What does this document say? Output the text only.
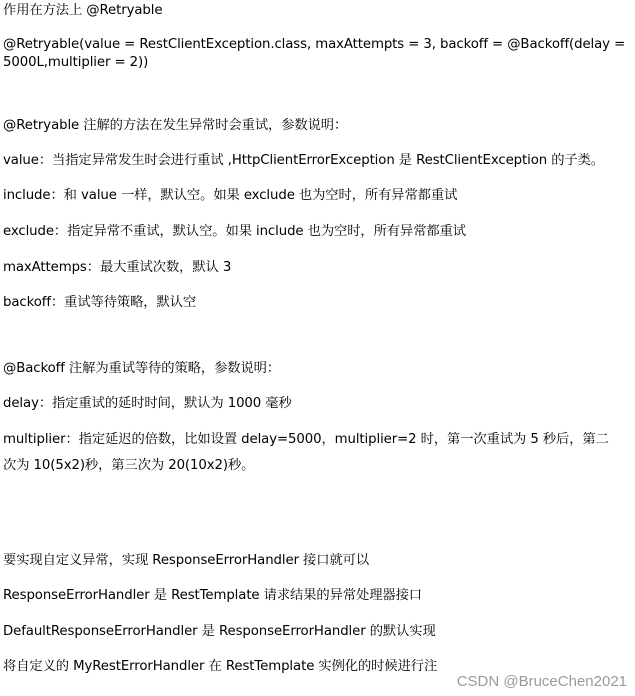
作用在方法上 @Retryable
@Retryable(value = RestClientException.class, maxAttempts = 3, backoff = @Backoff(delay =
5000L,multiplier = 2))
@Retryable 注解的方法在发生异常时会重试，参数说明：
value：当指定异常发生时会进行重试 ,HttpClientErrorException 是 RestClientException 的子类。
include：和 value 一样，默认空。如果 exclude 也为空时，所有异常都重试
exclude：指定异常不重试，默认空。如果 include 也为空时，所有异常都重试
maxAttemps：最大重试次数，默认 3
backoff：重试等待策略，默认空
@Backoff 注解为重试等待的策略，参数说明：
delay：指定重试的延时时间，默认为 1000 毫秒
multiplier：指定延迟的倍数，比如设置 delay=5000，multiplier=2 时，第一次重试为 5 秒后，第二
次为 10(5x2)秒，第三次为 20(10x2)秒。
要实现自定义异常，实现 ResponseErrorHandler 接口就可以
ResponseErrorHandler 是 RestTemplate 请求结果的异常处理器接口
DefaultResponseErrorHandler 是 ResponseErrorHandler 的默认实现
将自定义的 MyRestErrorHandler 在 RestTemplate 实例化的时候进行注
CSDN @BruceChen2021
